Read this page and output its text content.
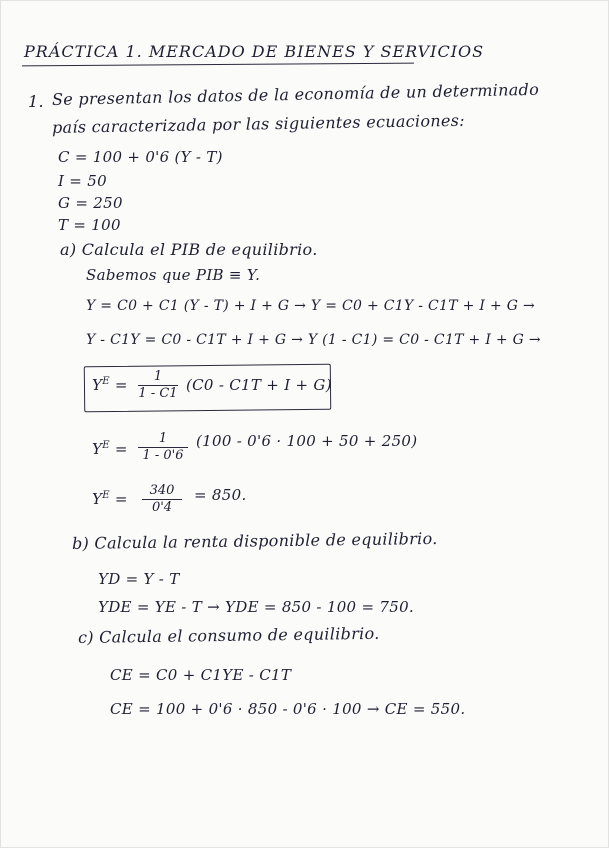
PRÁCTICA 1. MERCADO DE BIENES Y SERVICIOS
1. Se presentan los datos de la economía de un determinado
país caracterizada por las siguientes ecuaciones:
C = 100 + 0'6 (Y - T)
I = 50
G = 250
T = 100
a) Calcula el PIB de equilibrio.
Sabemos que PIB ≡ Y.
Y = C0 + C1 (Y - T) + I + G → Y = C0 + C1Y - C1T + I + G →
Y - C1Y = C0 - C1T + I + G → Y (1 - C1) = C0 - C1T + I + G →
$Y^E$ =	1
1 - C1 (C0 - C1T + I + G)
$Y^E$ =
1
1 - 0'6
(100 - 0'6 · 100 + 50 + 250)
$Y^E$ =	340
0'4
= 850.
b) Calcula la renta disponible de equilibrio.
YD = Y - T
YDE = YE - T → YDE = 850 - 100 = 750.
c) Calcula el consumo de equilibrio.
CE = C0 + C1YE - C1T
CE = 100 + 0'6 · 850 - 0'6 · 100 → CE = 550.
